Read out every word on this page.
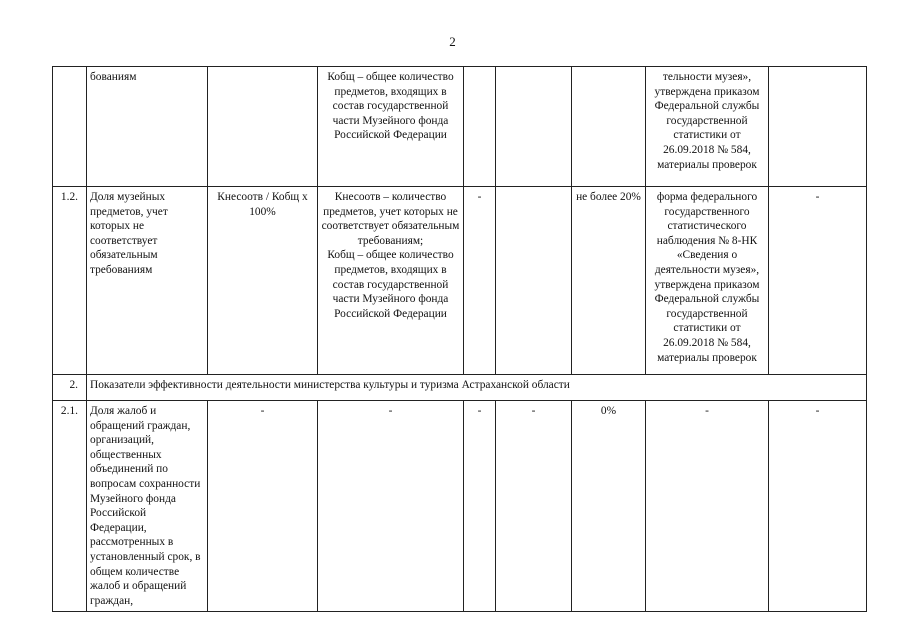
2
	бованиям		Кобщ – общее количество предметов, входящих в состав государственной части Музейного фонда Российской Федерации				тельности музея», утверждена приказом Федеральной службы государственной статистики от 26.09.2018 № 584, материалы проверок	
1.2.	Доля музейных предметов, учет которых не соответствует обязательным требованиям	Кнесоотв / Кобщ х 100%	Кнесоотв – количество предметов, учет которых не соответствует обязательным требованиям;
Кобщ – общее количество предметов, входящих в состав государственной части Музейного фонда Российской Федерации	-		не более 20%	форма федерального государственного статистического наблюдения № 8-НК «Сведения о деятельности музея», утверждена приказом Федеральной службы государственной статистики от 26.09.2018 № 584, материалы проверок	-
2.	Показатели эффективности деятельности министерства культуры и туризма Астраханской области							
2.1.	Доля жалоб и обращений граждан, организаций, общественных объединений по вопросам сохранности Музейного фонда Российской Федерации, рассмотренных в установленный срок, в общем количестве жалоб и обращений граждан,	-	-	-	-	0%	-	-
